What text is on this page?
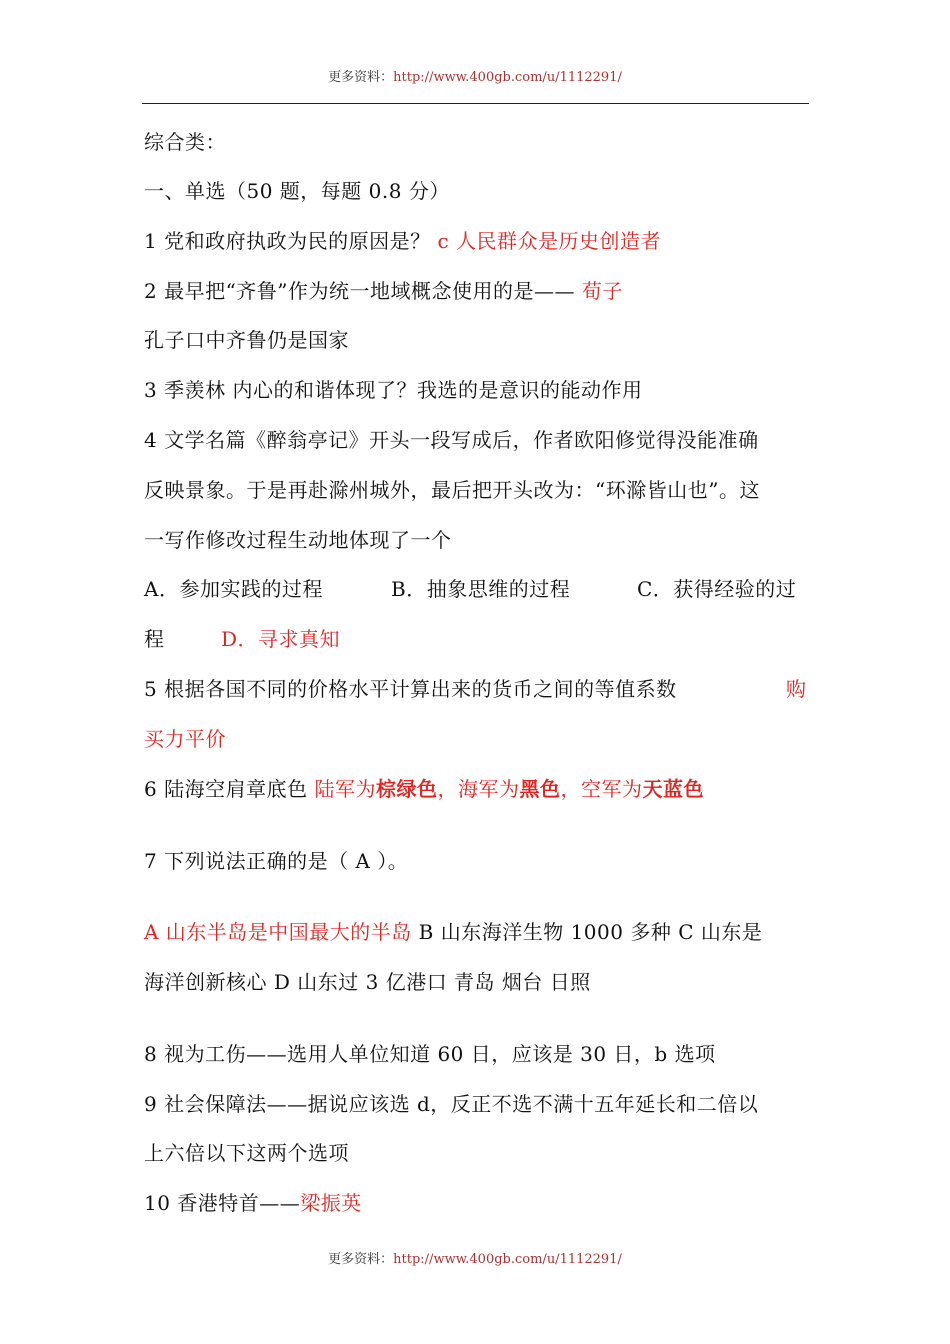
更多资料：http://www.400gb.com/u/1112291/
综合类：
一、单选（50 题，每题 0.8 分）
1 党和政府执政为民的原因是？ c 人民群众是历史创造者
2 最早把“齐鲁”作为统一地域概念使用的是—— 荀子
孔子口中齐鲁仍是国家
3 季羡林 内心的和谐体现了？我选的是意识的能动作用
4 文学名篇《醉翁亭记》开头一段写成后，作者欧阳修觉得没能准确
反映景象。于是再赴滁州城外，最后把开头改为：“环滁皆山也”。这
一写作修改过程生动地体现了一个
A．参加实践的过程	B．抽象思维的过程	C．获得经验的过
程	D．寻求真知
5 根据各国不同的价格水平计算出来的货币之间的等值系数	购
买力平价
6 陆海空肩章底色 陆军为棕绿色，海军为黑色，空军为天蓝色
7 下列说法正确的是（ A ）。
A 山东半岛是中国最大的半岛 B 山东海洋生物 1000 多种 C 山东是
海洋创新核心 D 山东过 3 亿港口 青岛 烟台 日照
8 视为工伤——选用人单位知道 60 日，应该是 30 日，b 选项
9 社会保障法——据说应该选 d，反正不选不满十五年延长和二倍以
上六倍以下这两个选项
10 香港特首——梁振英
更多资料：http://www.400gb.com/u/1112291/
